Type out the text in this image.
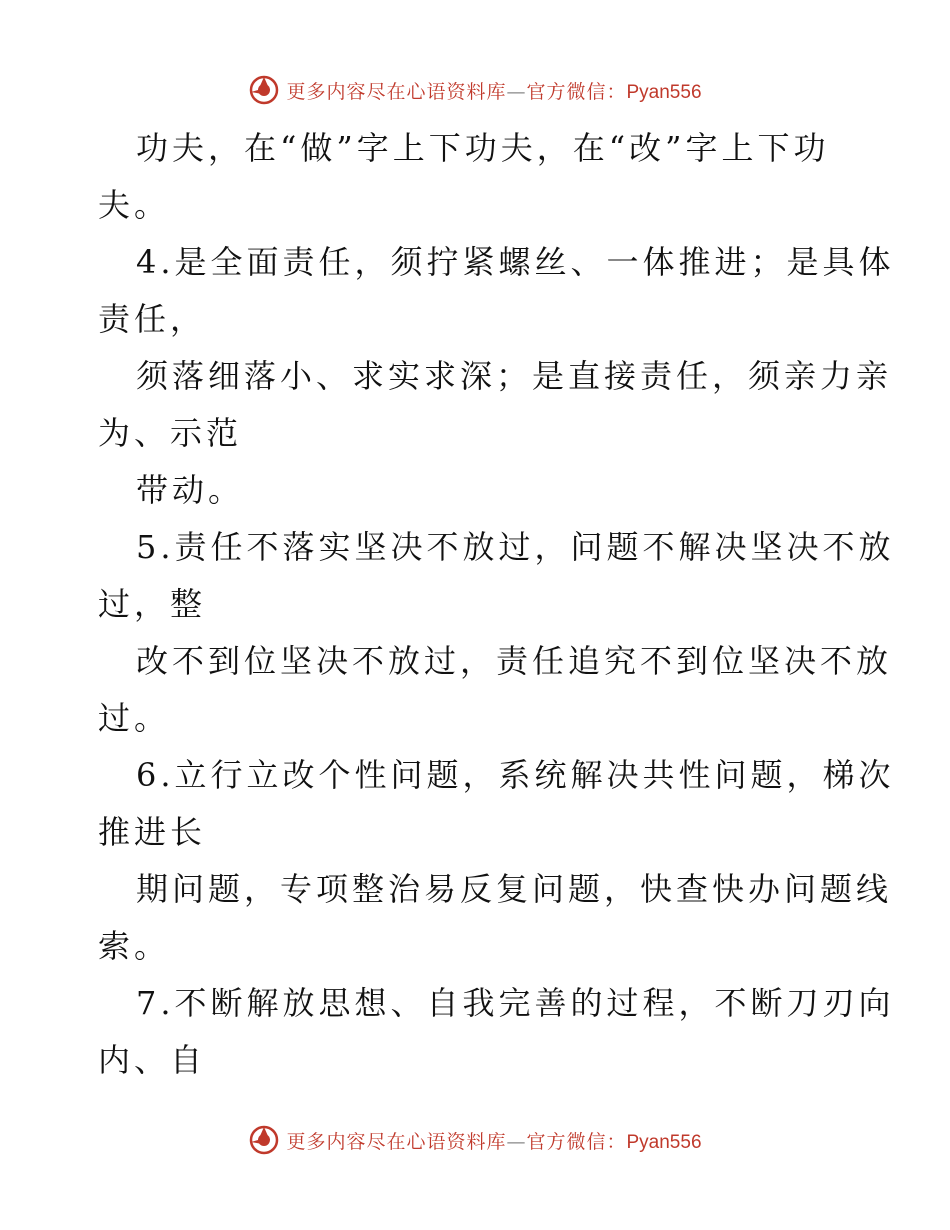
更多内容尽在心语资料库—官方微信：Pyan556
功夫，在“做”字上下功夫，在“改”字上下功
夫。
4.是全面责任，须拧紧螺丝、一体推进；是具体
责任，
须落细落小、求实求深；是直接责任，须亲力亲
为、示范
带动。
5.责任不落实坚决不放过，问题不解决坚决不放
过，整
改不到位坚决不放过，责任追究不到位坚决不放
过。
6.立行立改个性问题，系统解决共性问题，梯次
推进长
期问题，专项整治易反复问题，快查快办问题线
索。
7.不断解放思想、自我完善的过程，不断刀刃向
内、自
更多内容尽在心语资料库—官方微信：Pyan556
